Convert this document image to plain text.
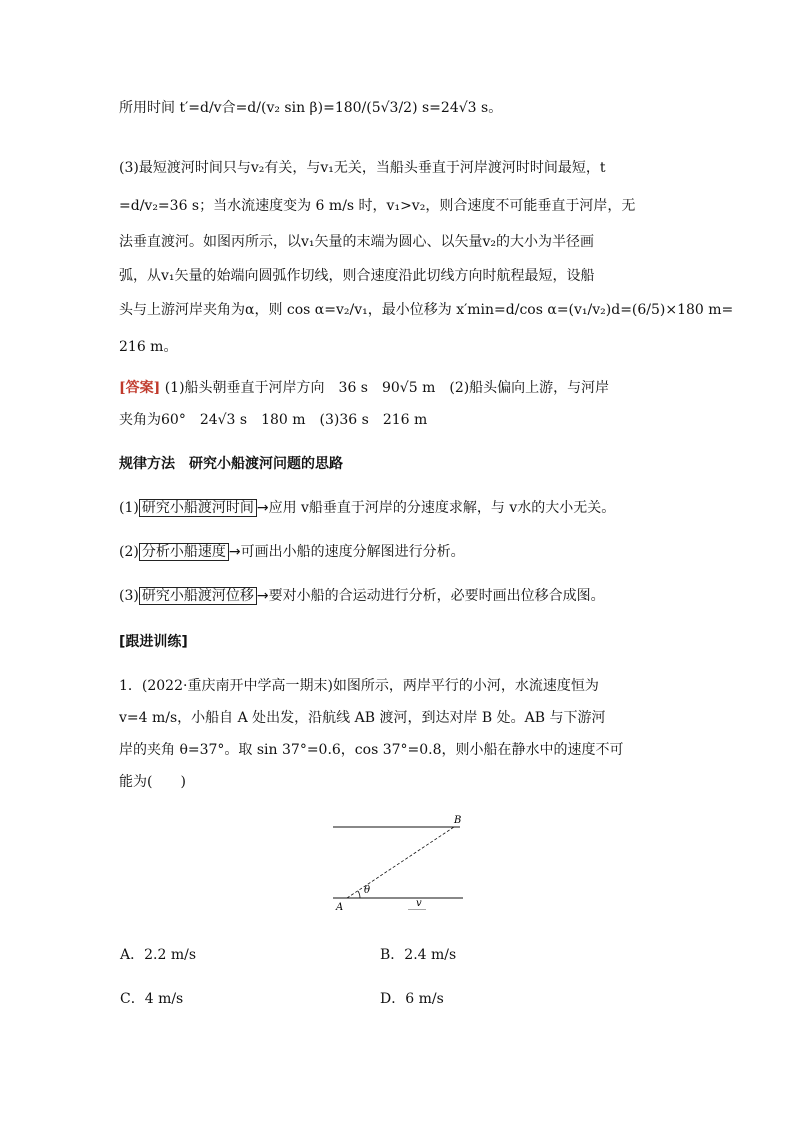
所用时间 t′=d/v合=d/(v₂ sin β)=180/(5√3/2) s=24√3 s。
(3)最短渡河时间只与v₂有关，与v₁无关，当船头垂直于河岸渡河时时间最短，t
=d/v₂=36 s；当水流速度变为 6 m/s 时，v₁>v₂，则合速度不可能垂直于河岸，无
法垂直渡河。如图丙所示，以v₁矢量的末端为圆心、以矢量v₂的大小为半径画
弧，从v₁矢量的始端向圆弧作切线，则合速度沿此切线方向时航程最短，设船
头与上游河岸夹角为α，则 cos α=v₂/v₁，最小位移为 x′min=d/cos α=(v₁/v₂)d=(6/5)×180 m=
216 m。
[答案] (1)船头朝垂直于河岸方向　36 s　90√5 m　(2)船头偏向上游，与河岸
夹角为60°　24√3 s　180 m　(3)36 s　216 m
规律方法　研究小船渡河问题的思路
(1) 研究小船渡河时间 →应用 v船垂直于河岸的分速度求解，与 v水的大小无关。
(2) 分析小船速度 →可画出小船的速度分解图进行分析。
(3) 研究小船渡河位移 →要对小船的合运动进行分析，必要时画出位移合成图。
[跟进训练]
1．(2022·重庆南开中学高一期末)如图所示，两岸平行的小河，水流速度恒为
v=4 m/s，小船自 A 处出发，沿航线 AB 渡河，到达对岸 B 处。AB 与下游河
岸的夹角 θ=37°。取 sin 37°=0.6，cos 37°=0.8，则小船在静水中的速度不可
能为(　　)
A
B
θ
v
A．2.2 m/s	B．2.4 m/s
C．4 m/s	D．6 m/s
